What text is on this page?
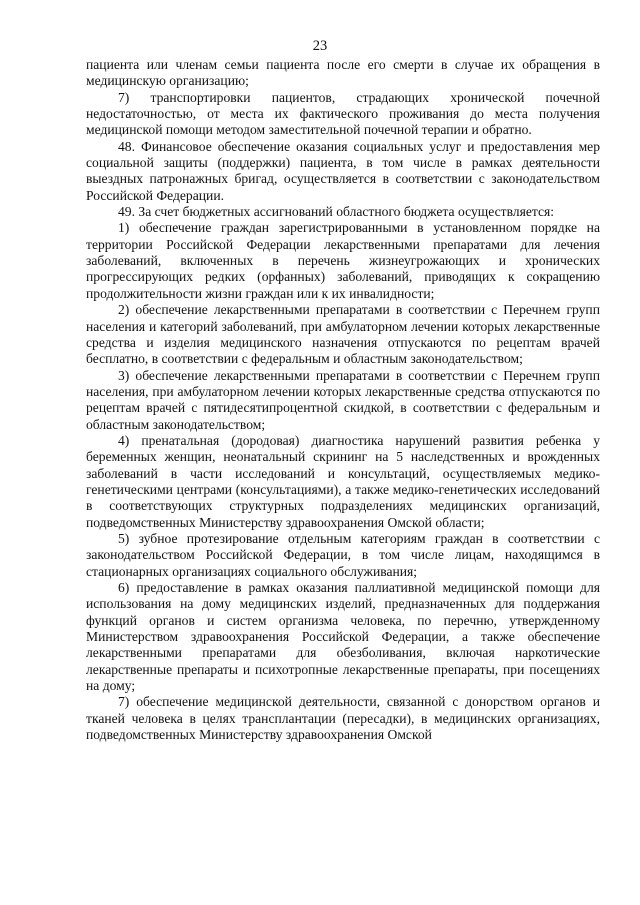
23

пациента или членам семьи пациента после его смерти в случае их обращения в медицинскую организацию;

7) транспортировки пациентов, страдающих хронической почечной недостаточностью, от места их фактического проживания до места получения медицинской помощи методом заместительной почечной терапии и обратно.

48. Финансовое обеспечение оказания социальных услуг и предоставления мер социальной защиты (поддержки) пациента, в том числе в рамках деятельности выездных патронажных бригад, осуществляется в соответствии с законодательством Российской Федерации.

49. За счет бюджетных ассигнований областного бюджета осуществляется:

1) обеспечение граждан зарегистрированными в установленном порядке на территории Российской Федерации лекарственными препаратами для лечения заболеваний, включенных в перечень жизнеугрожающих и хронических прогрессирующих редких (орфанных) заболеваний, приводящих к сокращению продолжительности жизни граждан или к их инвалидности;

2) обеспечение лекарственными препаратами в соответствии с Перечнем групп населения и категорий заболеваний, при амбулаторном лечении которых лекарственные средства и изделия медицинского назначения отпускаются по рецептам врачей бесплатно, в соответствии с федеральным и областным законодательством;

3) обеспечение лекарственными препаратами в соответствии с Перечнем групп населения, при амбулаторном лечении которых лекарственные средства отпускаются по рецептам врачей с пятидесятипроцентной скидкой, в соответствии с федеральным и областным законодательством;

4) пренатальная (дородовая) диагностика нарушений развития ребенка у беременных женщин, неонатальный скрининг на 5 наследственных и врожденных заболеваний в части исследований и консультаций, осуществляемых медико-генетическими центрами (консультациями), а также медико-генетических исследований в соответствующих структурных подразделениях медицинских организаций, подведомственных Министерству здравоохранения Омской области;

5) зубное протезирование отдельным категориям граждан в соответствии с законодательством Российской Федерации, в том числе лицам, находящимся в стационарных организациях социального обслуживания;

6) предоставление в рамках оказания паллиативной медицинской помощи для использования на дому медицинских изделий, предназначенных для поддержания функций органов и систем организма человека, по перечню, утвержденному Министерством здравоохранения Российской Федерации, а также обеспечение лекарственными препаратами для обезболивания, включая наркотические лекарственные препараты и психотропные лекарственные препараты, при посещениях на дому;

7) обеспечение медицинской деятельности, связанной с донорством органов и тканей человека в целях трансплантации (пересадки), в медицинских организациях, подведомственных Министерству здравоохранения Омской
